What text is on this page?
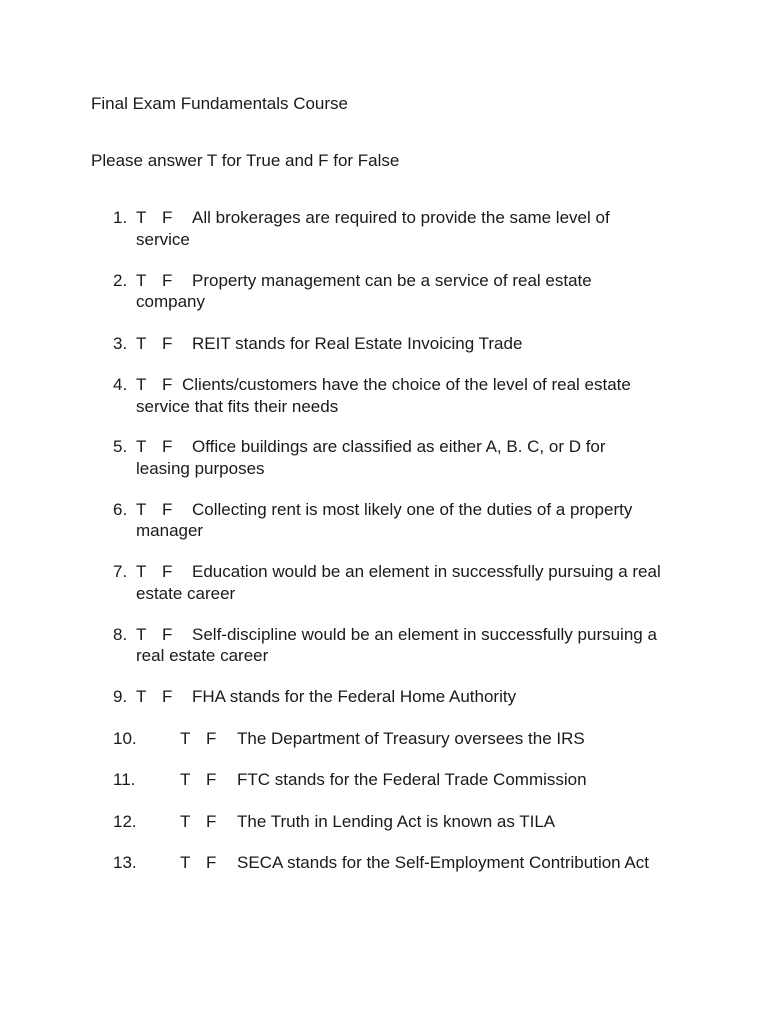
Final Exam Fundamentals Course
Please answer T for True and F for False
1. T F All brokerages are required to provide the same level of
service
2. T F Property management can be a service of real estate
company
3. T F REIT stands for Real Estate Invoicing Trade
4. T F Clients/customers have the choice of the level of real estate
service that fits their needs
5. T F Office buildings are classified as either A, B. C, or D for
leasing purposes
6. T F Collecting rent is most likely one of the duties of a property
manager
7. T F Education would be an element in successfully pursuing a real
estate career
8. T F Self-discipline would be an element in successfully pursuing a
real estate career
9. T F FHA stands for the Federal Home Authority
10.	T F The Department of Treasury oversees the IRS
11.	T F FTC stands for the Federal Trade Commission
12.	T F The Truth in Lending Act is known as TILA
13.	T F SECA stands for the Self-Employment Contribution Act
